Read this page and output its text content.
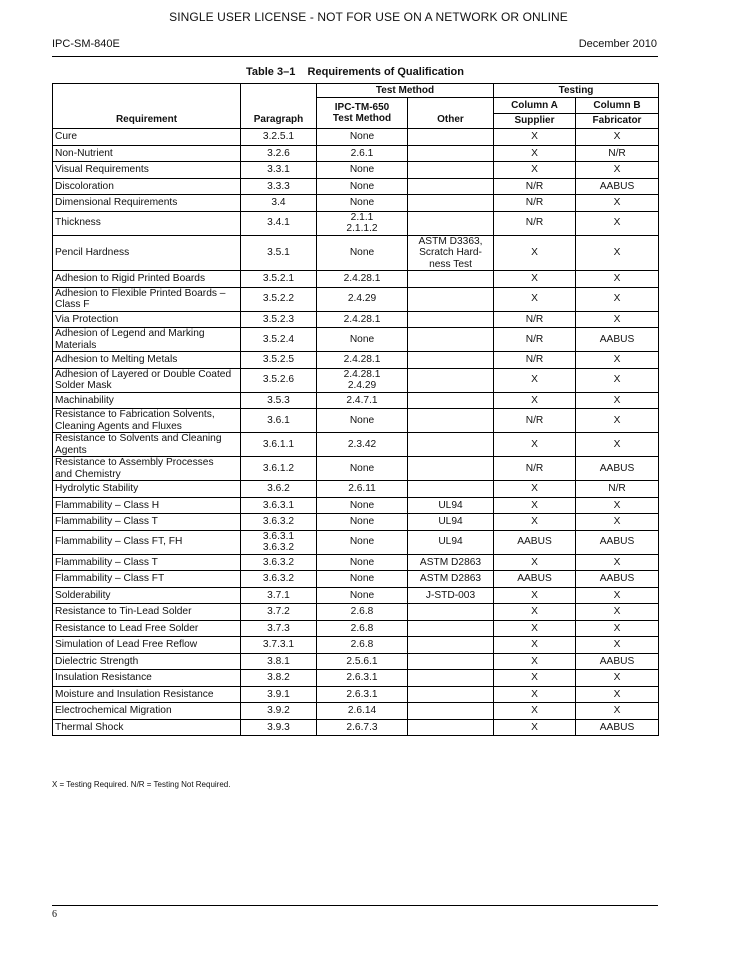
SINGLE USER LICENSE - NOT FOR USE ON A NETWORK OR ONLINE
IPC-SM-840E	December 2010
Table 3–1    Requirements of Qualification
Requirement	Paragraph	Test Method		Testing	
		IPC-TM-650
Test Method	Other	Column A	Column B
				Supplier	Fabricator
Cure	3.2.5.1	None		X	X
Non-Nutrient	3.2.6	2.6.1		X	N/R
Visual Requirements	3.3.1	None		X	X
Discoloration	3.3.3	None		N/R	AABUS
Dimensional Requirements	3.4	None		N/R	X
Thickness	3.4.1	2.1.1
2.1.1.2		N/R	X
Pencil Hardness	3.5.1	None	ASTM D3363,
Scratch Hard-
ness Test	X	X
Adhesion to Rigid Printed Boards	3.5.2.1	2.4.28.1		X	X
Adhesion to Flexible Printed Boards –
Class F	3.5.2.2	2.4.29		X	X
Via Protection	3.5.2.3	2.4.28.1		N/R	X
Adhesion of Legend and Marking
Materials	3.5.2.4	None		N/R	AABUS
Adhesion to Melting Metals	3.5.2.5	2.4.28.1		N/R	X
Adhesion of Layered or Double Coated
Solder Mask	3.5.2.6	2.4.28.1
2.4.29		X	X
Machinability	3.5.3	2.4.7.1		X	X
Resistance to Fabrication Solvents,
Cleaning Agents and Fluxes	3.6.1	None		N/R	X
Resistance to Solvents and Cleaning
Agents	3.6.1.1	2.3.42		X	X
Resistance to Assembly Processes
and Chemistry	3.6.1.2	None		N/R	AABUS
Hydrolytic Stability	3.6.2	2.6.11		X	N/R
Flammability – Class H	3.6.3.1	None	UL94	X	X
Flammability – Class T	3.6.3.2	None	UL94	X	X
Flammability – Class FT, FH	3.6.3.1
3.6.3.2	None	UL94	AABUS	AABUS
Flammability – Class T	3.6.3.2	None	ASTM D2863	X	X
Flammability – Class FT	3.6.3.2	None	ASTM D2863	AABUS	AABUS
Solderability	3.7.1	None	J-STD-003	X	X
Resistance to Tin-Lead Solder	3.7.2	2.6.8		X	X
Resistance to Lead Free Solder	3.7.3	2.6.8		X	X
Simulation of Lead Free Reflow	3.7.3.1	2.6.8		X	X
Dielectric Strength	3.8.1	2.5.6.1		X	AABUS
Insulation Resistance	3.8.2	2.6.3.1		X	X
Moisture and Insulation Resistance	3.9.1	2.6.3.1		X	X
Electrochemical Migration	3.9.2	2.6.14		X	X
Thermal Shock	3.9.3	2.6.7.3		X	AABUS
X = Testing Required. N/R = Testing Not Required.
6
